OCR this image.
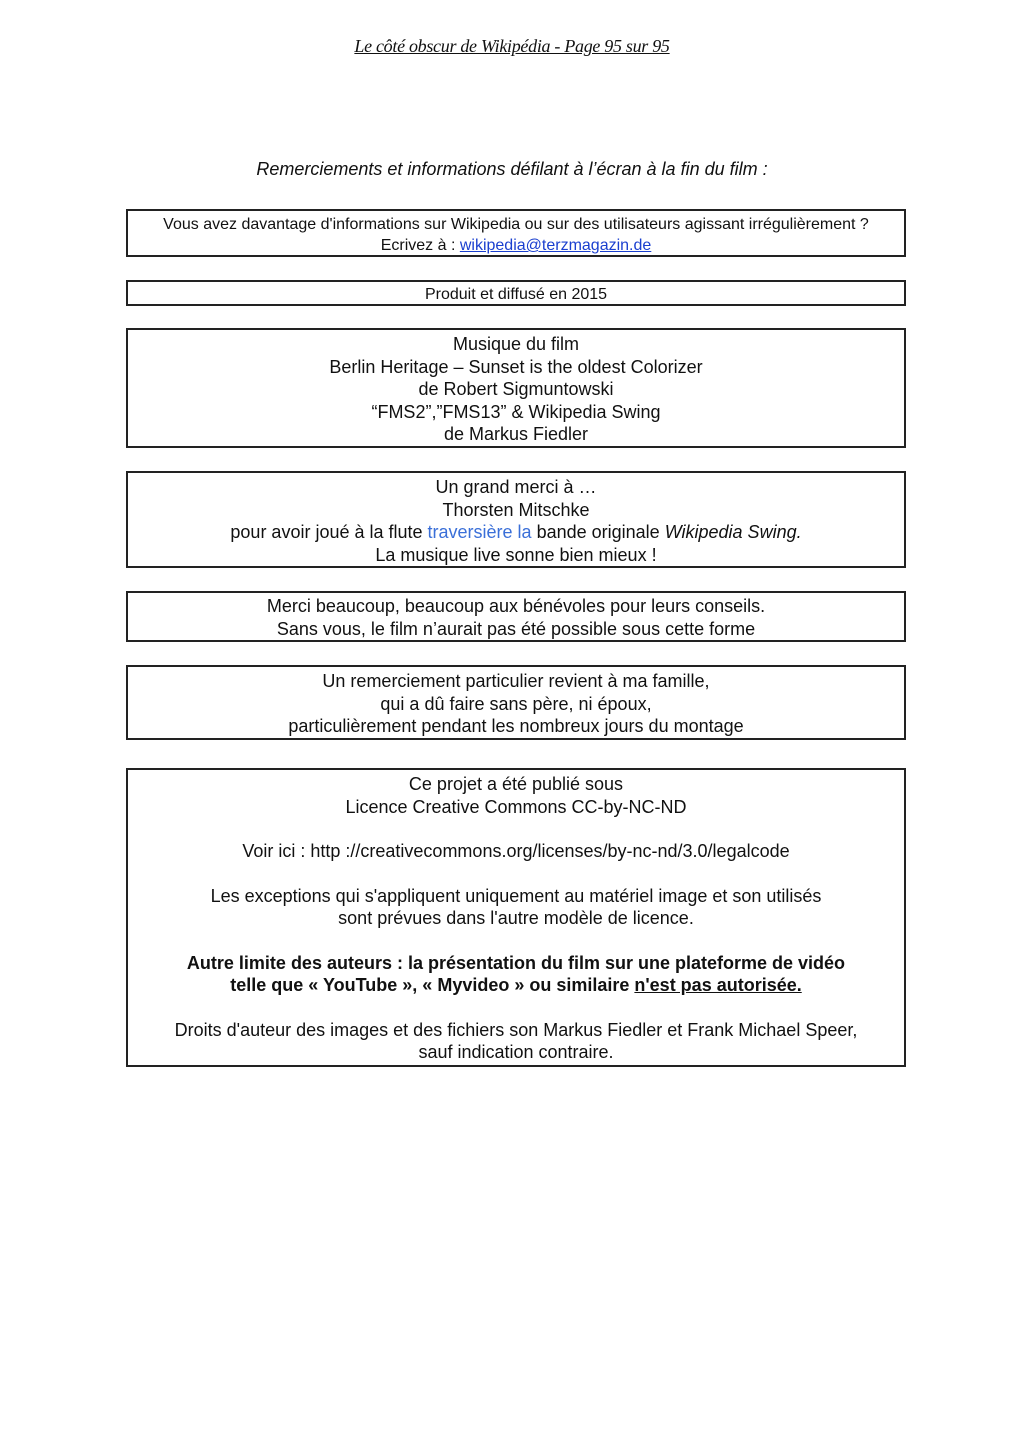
Le côté obscur de Wikipédia - Page 95 sur 95
Remerciements et informations défilant à l’écran à la fin du film :
Vous avez davantage d'informations sur Wikipedia ou sur des utilisateurs agissant irrégulièrement ?
Ecrivez à : wikipedia@terzmagazin.de
Produit et diffusé en 2015
Musique du film
Berlin Heritage – Sunset is the oldest Colorizer
de Robert Sigmuntowski
“FMS2”,”FMS13” & Wikipedia Swing
de Markus Fiedler
Un grand merci à …
Thorsten Mitschke
pour avoir joué à la flute traversière la bande originale Wikipedia Swing.
La musique live sonne bien mieux !
Merci beaucoup, beaucoup aux bénévoles pour leurs conseils.
Sans vous, le film n’aurait pas été possible sous cette forme
Un remerciement particulier revient à ma famille,
qui a dû faire sans père, ni époux,
particulièrement pendant les nombreux jours du montage
Ce projet a été publié sous
Licence Creative Commons CC-by-NC-ND
Voir ici : http ://creativecommons.org/licenses/by-nc-nd/3.0/legalcode
Les exceptions qui s'appliquent uniquement au matériel image et son utilisés
sont prévues dans l'autre modèle de licence.
Autre limite des auteurs : la présentation du film sur une plateforme de vidéo
telle que « YouTube », « Myvideo » ou similaire n'est pas autorisée.
Droits d'auteur des images et des fichiers son Markus Fiedler et Frank Michael Speer,
sauf indication contraire.
